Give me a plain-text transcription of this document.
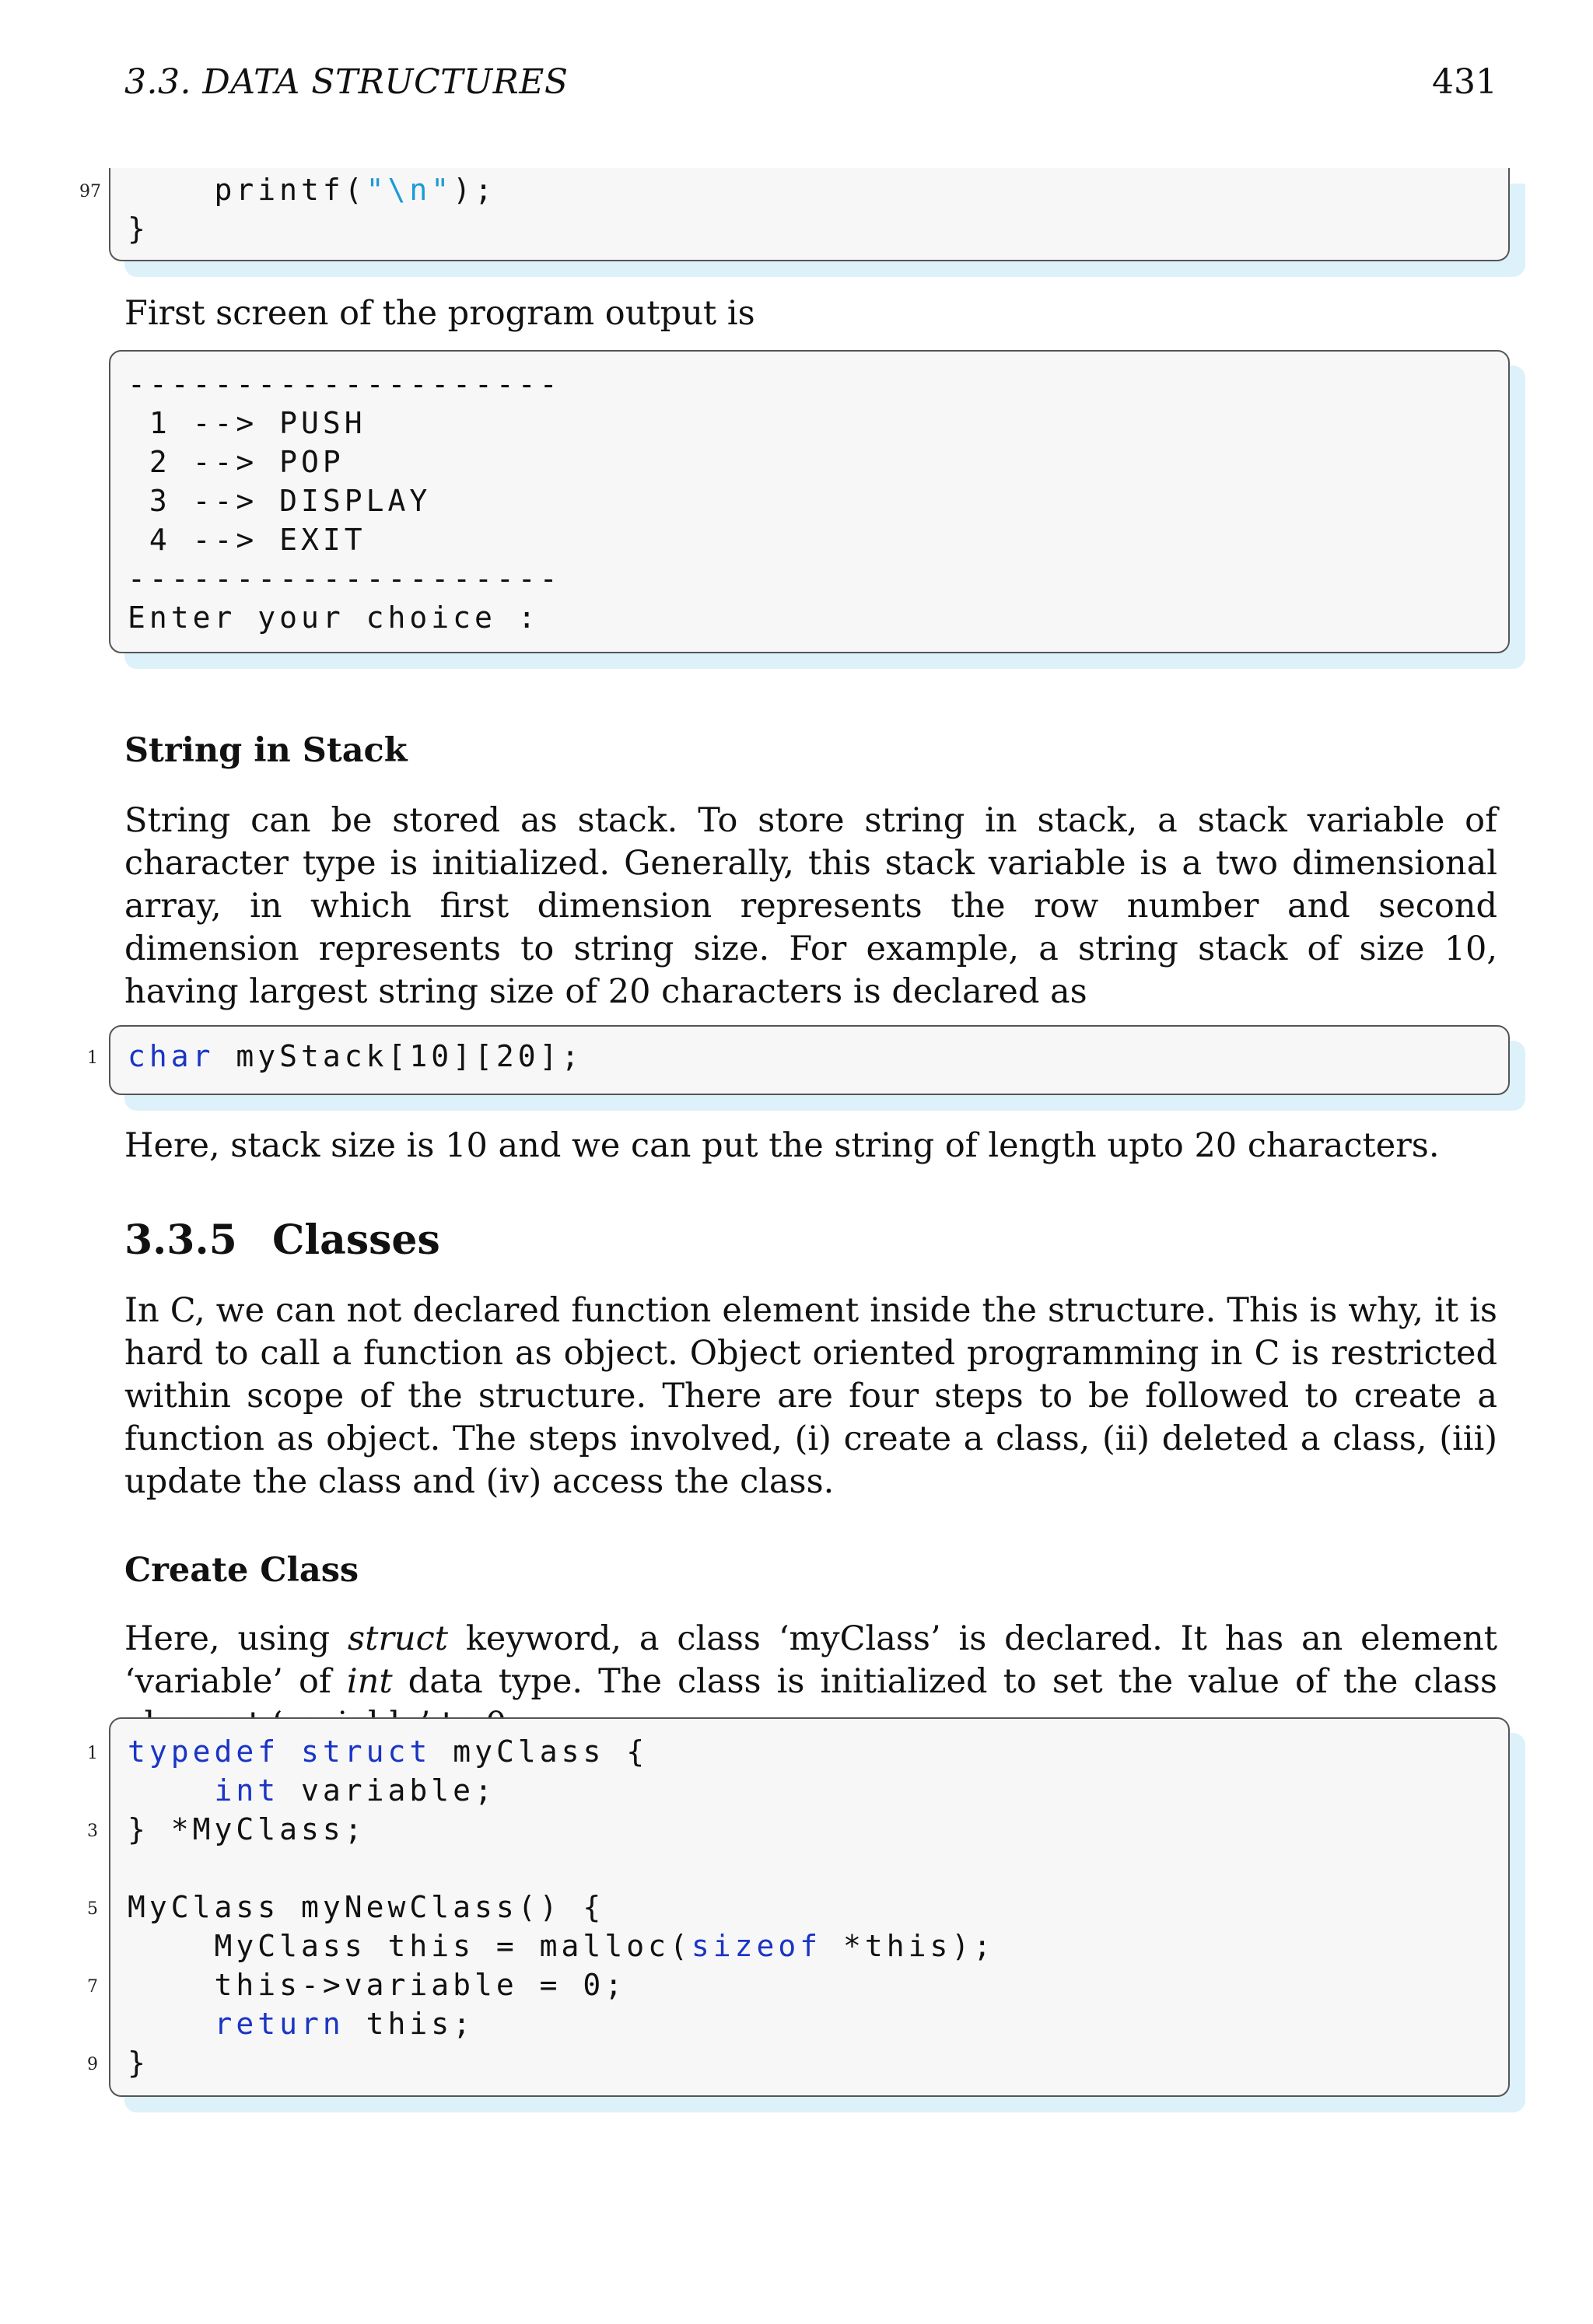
3.3. DATA STRUCTURES	431
97 printf("\n");
}
First screen of the program output is
--------------------
1 --> PUSH
2 --> POP
3 --> DISPLAY
4 --> EXIT
--------------------
Enter your choice :
String in Stack
String can be stored as stack. To store string in stack, a stack variable of character type is initialized. Generally, this stack variable is a two dimensional array, in which first dimension represents the row number and second dimension represents to string size. For example, a string stack of size 10, having largest string size of 20 characters is declared as
1 char myStack[10][20];
Here, stack size is 10 and we can put the string of length upto 20 characters.
3.3.5 Classes
In C, we can not declared function element inside the structure. This is why, it is hard to call a function as object. Object oriented programming in C is restricted within scope of the structure. There are four steps to be followed to create a function as object. The steps involved, (i) create a class, (ii) deleted a class, (iii) update the class and (iv) access the class.
Create Class
Here, using struct keyword, a class ‘myClass’ is declared. It has an element ‘variable’ of int data type. The class is initialized to set the value of the class
1 typedef struct myClass {
int variable;
3 } *MyClass;
5 MyClass myNewClass() {
MyClass this = malloc(sizeof *this);
7 this->variable = 0;
return this;
9 }
